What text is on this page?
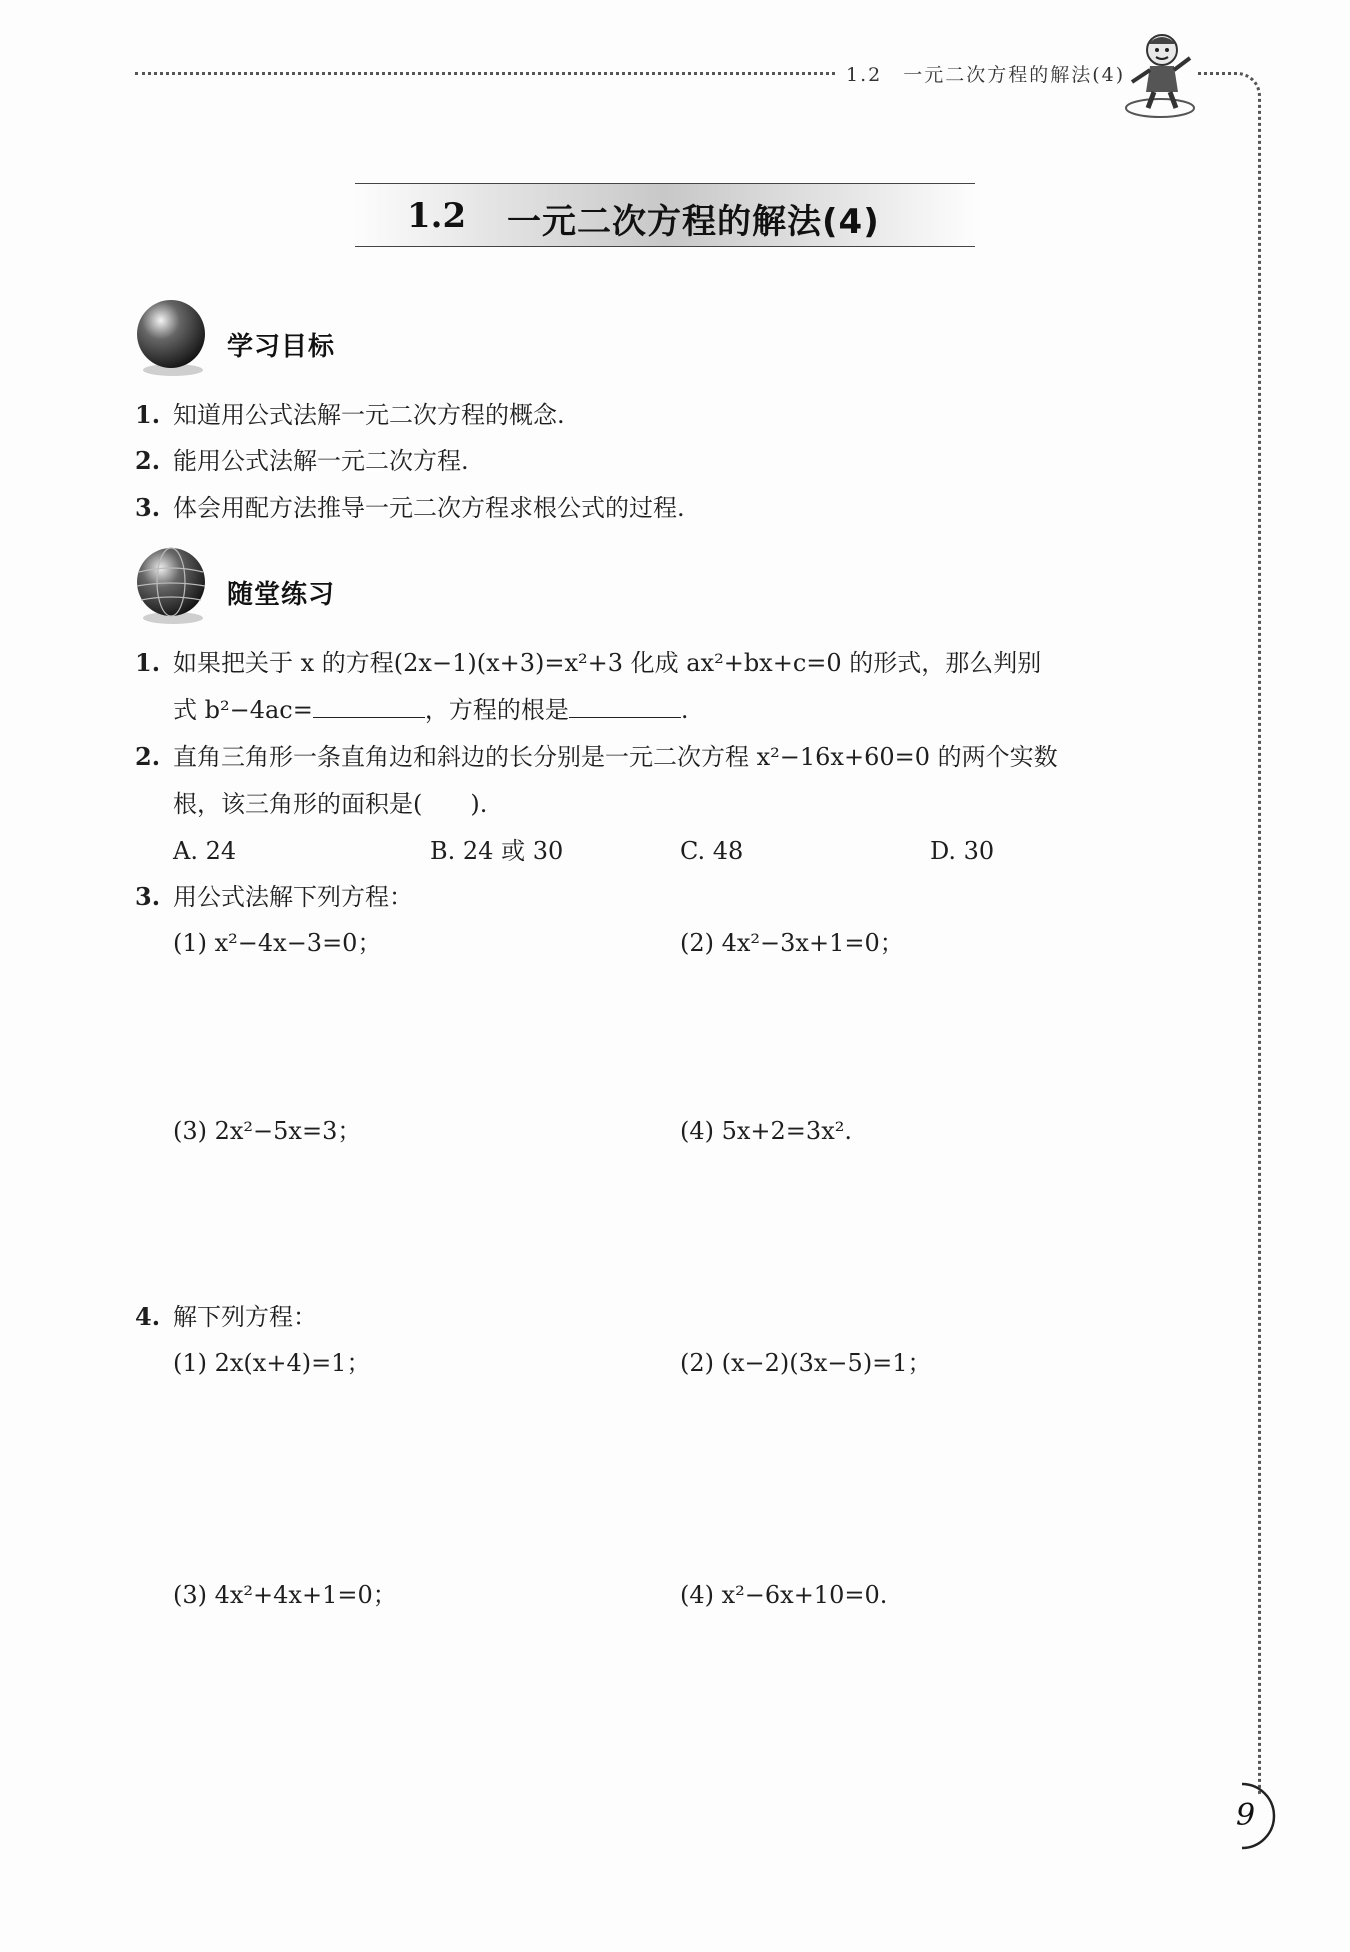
1.2　一元二次方程的解法(4)
1.2 一元二次方程的解法(4)
学习目标
1. 知道用公式法解一元二次方程的概念.
2. 能用公式法解一元二次方程.
3. 体会用配方法推导一元二次方程求根公式的过程.
随堂练习
1. 如果把关于 x 的方程(2x−1)(x+3)=x²+3 化成 ax²+bx+c=0 的形式，那么判别
式 b²−4ac=	，方程的根是	.
2. 直角三角形一条直角边和斜边的长分别是一元二次方程 x²−16x+60=0 的两个实数
根，该三角形的面积是( ).
A. 24	B. 24 或 30	C. 48	D. 30
3. 用公式法解下列方程：
(1) x²−4x−3=0；	(2) 4x²−3x+1=0；
(3) 2x²−5x=3；	(4) 5x+2=3x².
4. 解下列方程：
(1) 2x(x+4)=1；	(2) (x−2)(3x−5)=1；
(3) 4x²+4x+1=0；	(4) x²−6x+10=0.
9
